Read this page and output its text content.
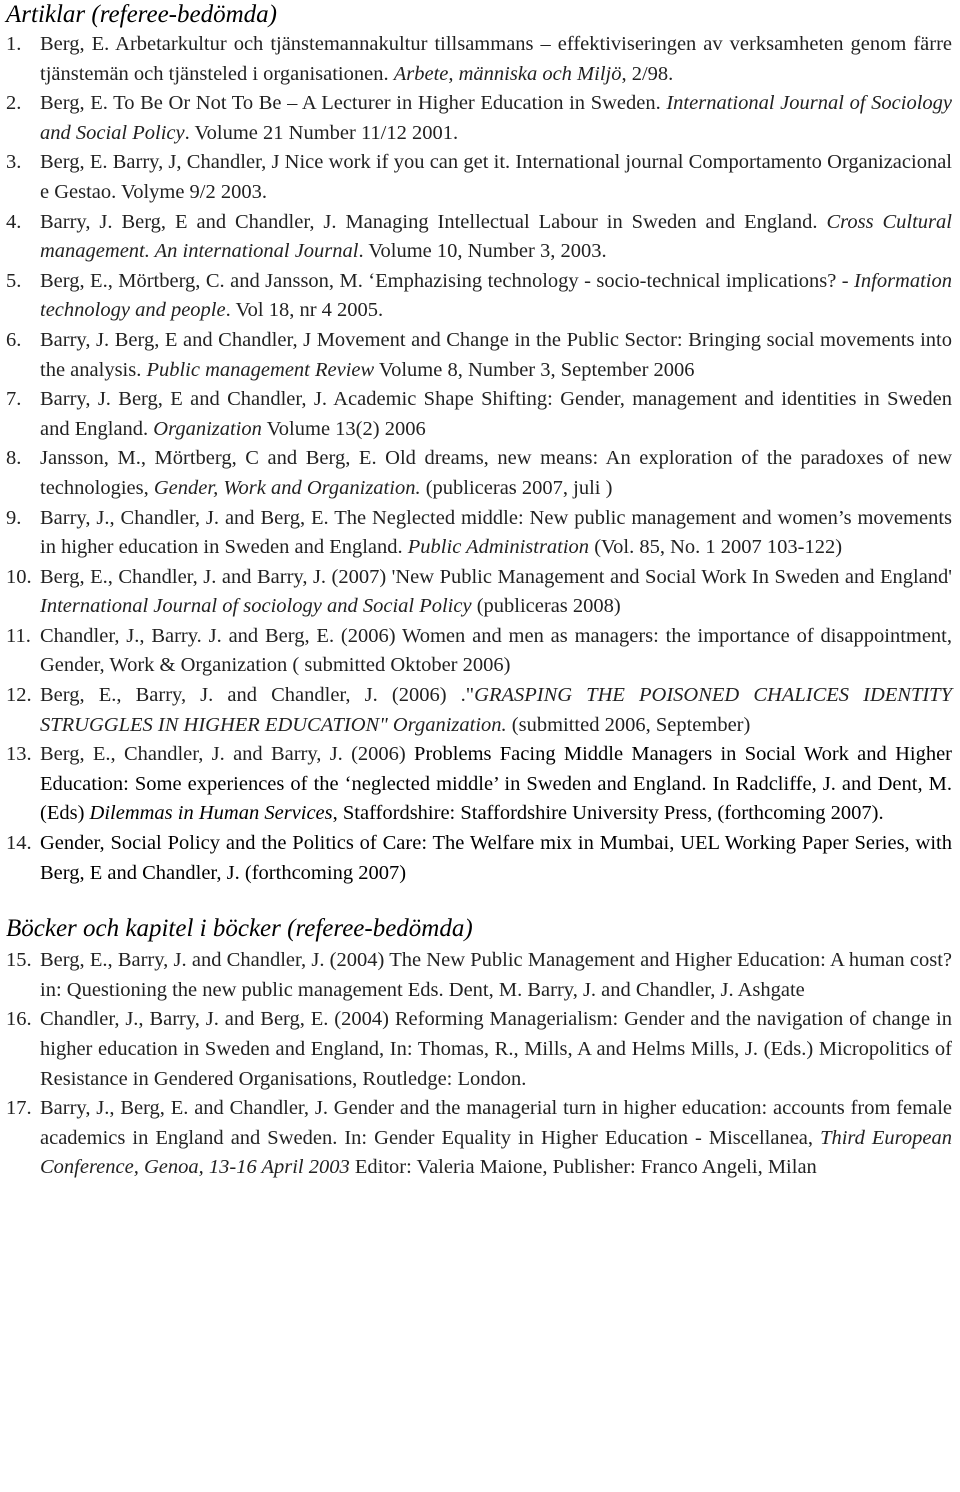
Artiklar (referee-bedömda)
1. Berg, E. Arbetarkultur och tjänstemannakultur tillsammans – effektiviseringen av verksamheten genom färre tjänstemän och tjänsteled i organisationen. Arbete, människa och Miljö, 2/98.
2. Berg, E. To Be Or Not To Be – A Lecturer in Higher Education in Sweden. International Journal of Sociology and Social Policy. Volume 21 Number 11/12 2001.
3. Berg, E. Barry, J, Chandler, J Nice work if you can get it. International journal Comportamento Organizacional e Gestao. Volyme 9/2 2003.
4. Barry, J. Berg, E and Chandler, J. Managing Intellectual Labour in Sweden and England. Cross Cultural management. An international Journal. Volume 10, Number 3, 2003.
5. Berg, E., Mörtberg, C. and Jansson, M. ‘Emphazising technology - socio-technical implications? - Information technology and people. Vol 18, nr 4 2005.
6. Barry, J. Berg, E and Chandler, J Movement and Change in the Public Sector: Bringing social movements into the analysis. Public management Review Volume 8, Number 3, September 2006
7. Barry, J. Berg, E and Chandler, J. Academic Shape Shifting: Gender, management and identities in Sweden and England. Organization Volume 13(2) 2006
8. Jansson, M., Mörtberg, C and Berg, E. Old dreams, new means: An exploration of the paradoxes of new technologies, Gender, Work and Organization. (publiceras 2007, juli )
9. Barry, J., Chandler, J. and Berg, E. The Neglected middle: New public management and women’s movements in higher education in Sweden and England. Public Administration (Vol. 85, No. 1 2007 103-122)
10. Berg, E., Chandler, J. and Barry, J. (2007) 'New Public Management and Social Work In Sweden and England' International Journal of sociology and Social Policy (publiceras 2008)
11. Chandler, J., Barry. J. and Berg, E. (2006) Women and men as managers: the importance of disappointment, Gender, Work & Organization ( submitted Oktober 2006)
12. Berg, E., Barry, J. and Chandler, J. (2006) ."GRASPING THE POISONED CHALICES IDENTITY STRUGGLES IN HIGHER EDUCATION" Organization. (submitted 2006, September)
13. Berg, E., Chandler, J. and Barry, J. (2006) Problems Facing Middle Managers in Social Work and Higher Education: Some experiences of the ‘neglected middle’ in Sweden and England. In Radcliffe, J. and Dent, M. (Eds) Dilemmas in Human Services, Staffordshire: Staffordshire University Press, (forthcoming 2007).
14. Gender, Social Policy and the Politics of Care: The Welfare mix in Mumbai, UEL Working Paper Series, with Berg, E and Chandler, J. (forthcoming 2007)
Böcker och kapitel i böcker (referee-bedömda)
15. Berg, E., Barry, J. and Chandler, J. (2004) The New Public Management and Higher Education: A human cost? in: Questioning the new public management Eds. Dent, M. Barry, J. and Chandler, J. Ashgate
16. Chandler, J., Barry, J. and Berg, E. (2004) Reforming Managerialism: Gender and the navigation of change in higher education in Sweden and England, In: Thomas, R., Mills, A and Helms Mills, J. (Eds.) Micropolitics of Resistance in Gendered Organisations, Routledge: London.
17. Barry, J., Berg, E. and Chandler, J. Gender and the managerial turn in higher education: accounts from female academics in England and Sweden. In: Gender Equality in Higher Education - Miscellanea, Third European Conference, Genoa, 13-16 April 2003 Editor: Valeria Maione, Publisher: Franco Angeli, Milan
